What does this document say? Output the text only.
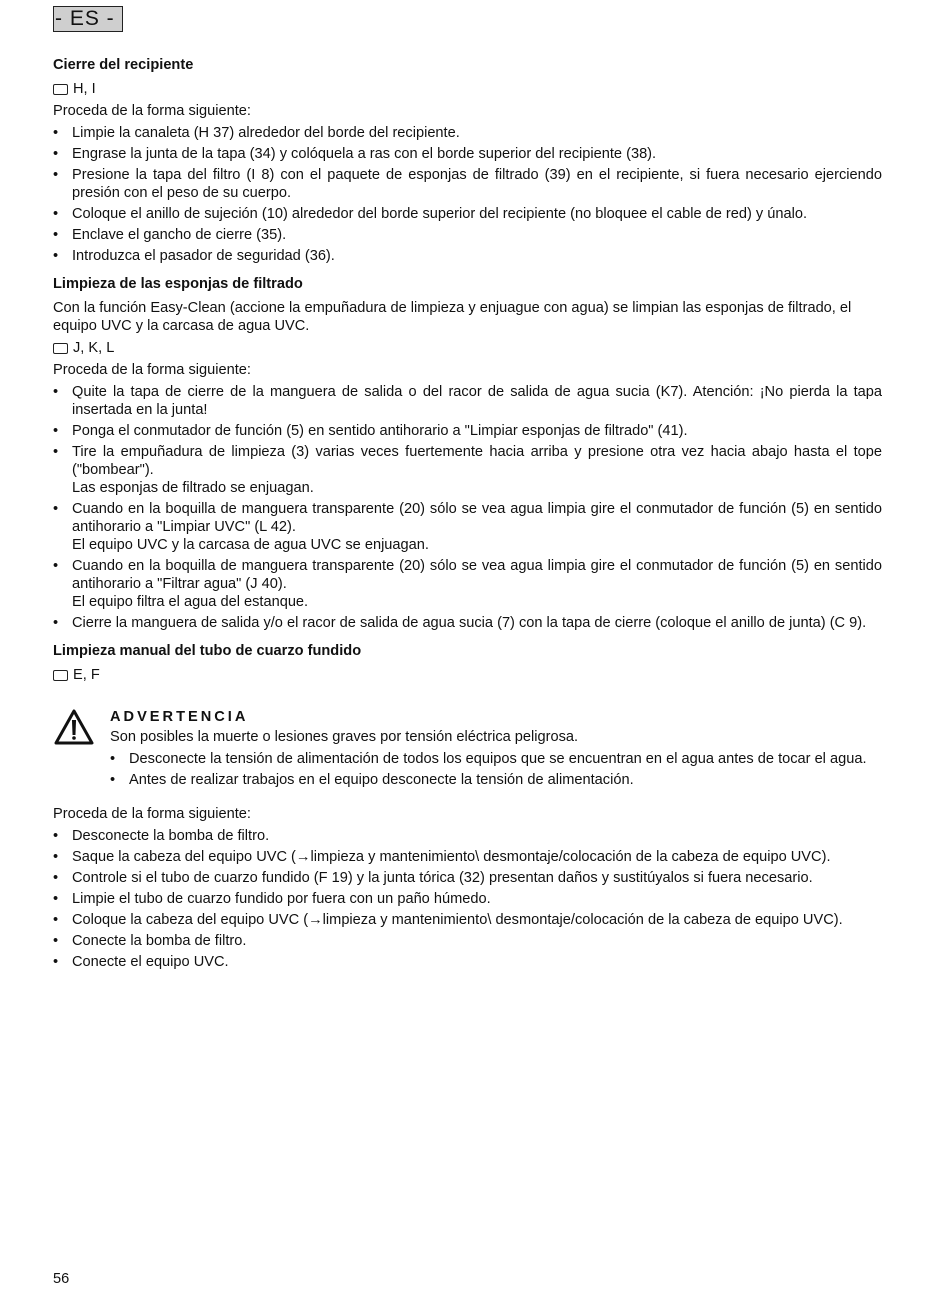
- ES -
Cierre del recipiente
H, I

Proceda de la forma siguiente:

• Limpie la canaleta (H 37) alrededor del borde del recipiente.
• Engrase la junta de la tapa (34) y colóquela a ras con el borde superior del recipiente (38).
• Presione la tapa del filtro (I 8) con el paquete de esponjas de filtrado (39) en el recipiente, si fuera necesario ejerciendo presión con el peso de su cuerpo.
• Coloque el anillo de sujeción (10) alrededor del borde superior del recipiente (no bloquee el cable de red) y únalo.
• Enclave el gancho de cierre (35).
• Introduzca el pasador de seguridad (36).
Limpieza de las esponjas de filtrado

Con la función Easy-Clean (accione la empuñadura de limpieza y enjuague con agua) se limpian las esponjas de filtrado, el equipo UVC y la carcasa de agua UVC.

J, K, L

Proceda de la forma siguiente:

• Quite la tapa de cierre de la manguera de salida o del racor de salida de agua sucia (K7). Atención: ¡No pierda la tapa insertada en la junta!
• Ponga el conmutador de función (5) en sentido antihorario a "Limpiar esponjas de filtrado" (41).
• Tire la empuñadura de limpieza (3) varias veces fuertemente hacia arriba y presione otra vez hacia abajo hasta el tope ("bombear").
Las esponjas de filtrado se enjuagan.
• Cuando en la boquilla de manguera transparente (20) sólo se vea agua limpia gire el conmutador de función (5) en sentido antihorario a "Limpiar UVC" (L 42).
El equipo UVC y la carcasa de agua UVC se enjuagan.
• Cuando en la boquilla de manguera transparente (20) sólo se vea agua limpia gire el conmutador de función (5) en sentido antihorario a "Filtrar agua" (J 40).
El equipo filtra el agua del estanque.
• Cierre la manguera de salida y/o el racor de salida de agua sucia (7) con la tapa de cierre (coloque el anillo de junta) (C 9).
Limpieza manual del tubo de cuarzo fundido
E, F
ADVERTENCIA

Son posibles la muerte o lesiones graves por tensión eléctrica peligrosa.

• Desconecte la tensión de alimentación de todos los equipos que se encuentran en el agua antes de tocar el agua.
• Antes de realizar trabajos en el equipo desconecte la tensión de alimentación.

Proceda de la forma siguiente:

• Desconecte la bomba de filtro.
• Saque la cabeza del equipo UVC (→limpieza y mantenimiento\ desmontaje/colocación de la cabeza de equipo UVC).
• Controle si el tubo de cuarzo fundido (F 19) y la junta tórica (32) presentan daños y sustitúyalos si fuera necesario.
• Limpie el tubo de cuarzo fundido por fuera con un paño húmedo.
• Coloque la cabeza del equipo UVC (→limpieza y mantenimiento\ desmontaje/colocación de la cabeza de equipo UVC).
• Conecte la bomba de filtro.
• Conecte el equipo UVC.
56
